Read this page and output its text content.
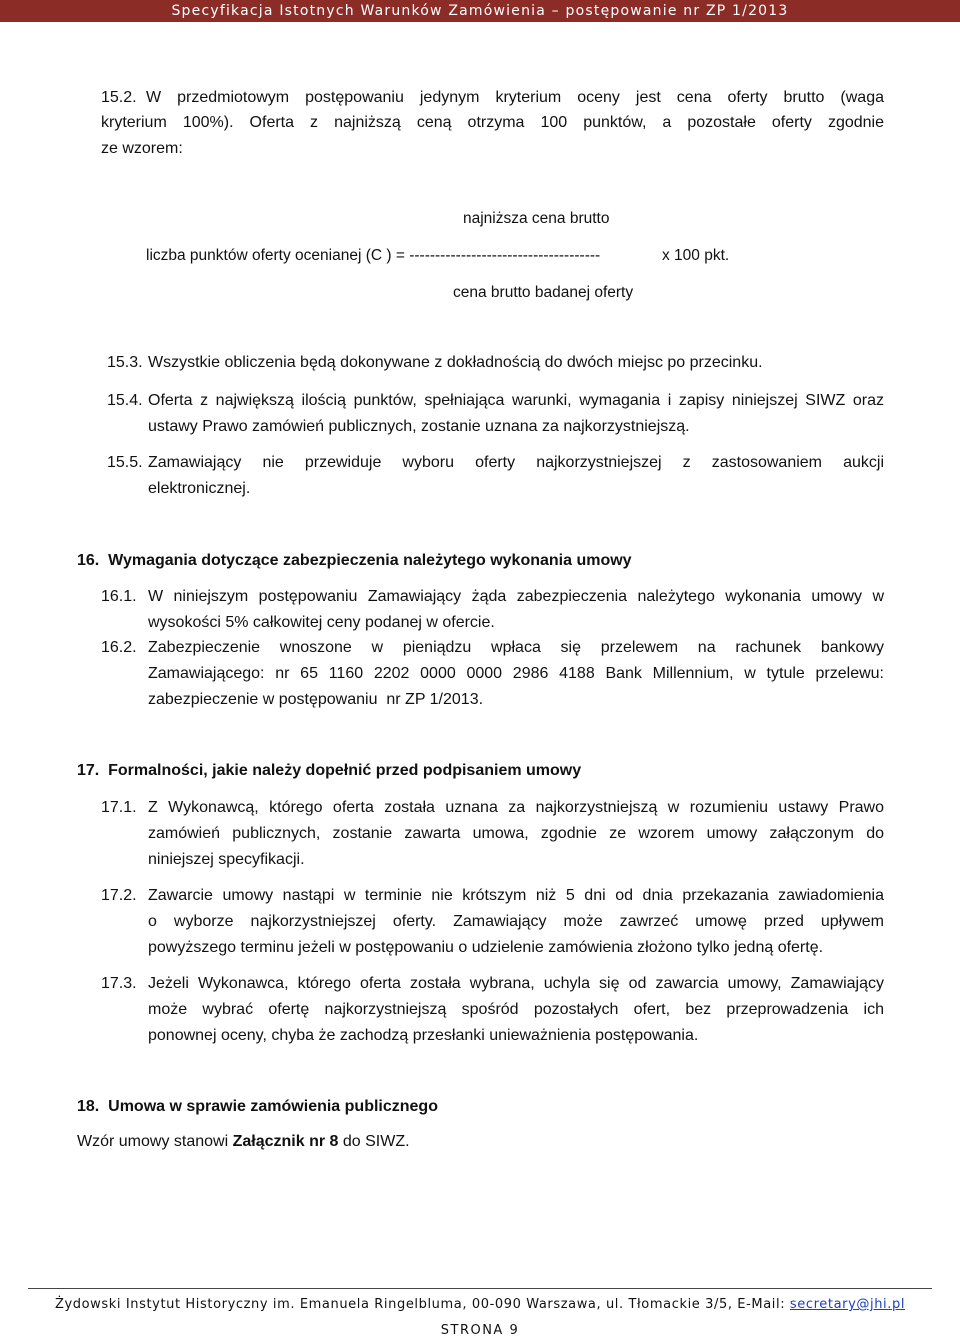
Specyfikacja Istotnych Warunków Zamówienia – postępowanie nr ZP 1/2013
15.2. W przedmiotowym postępowaniu jedynym kryterium oceny jest cena oferty brutto (waga
kryterium 100%). Oferta z najniższą ceną otrzyma 100 punktów, a pozostałe oferty zgodnie
ze wzorem:
najniższa cena brutto
liczba punktów oferty ocenianej (C ) = -------------------------------------	x 100 pkt.
cena brutto badanej oferty
15.3. Wszystkie obliczenia będą dokonywane z dokładnością do dwóch miejsc po przecinku.
15.4. Oferta z największą ilością punktów, spełniająca warunki, wymagania i zapisy niniejszej SIWZ oraz
ustawy Prawo zamówień publicznych, zostanie uznana za najkorzystniejszą.
15.5. Zamawiający nie przewiduje wyboru oferty najkorzystniejszej z zastosowaniem aukcji
elektronicznej.
16.  Wymagania dotyczące zabezpieczenia należytego wykonania umowy
16.1. W niniejszym postępowaniu Zamawiający żąda zabezpieczenia należytego wykonania umowy w
wysokości 5% całkowitej ceny podanej w ofercie.
16.2. Zabezpieczenie wnoszone w pieniądzu wpłaca się przelewem na rachunek bankowy
Zamawiającego: nr 65 1160 2202 0000 0000 2986 4188 Bank Millennium, w tytule przelewu:
zabezpieczenie w postępowaniu  nr ZP 1/2013.
17.  Formalności, jakie należy dopełnić przed podpisaniem umowy
17.1. Z Wykonawcą, którego oferta została uznana za najkorzystniejszą w rozumieniu ustawy Prawo
zamówień publicznych, zostanie zawarta umowa, zgodnie ze wzorem umowy załączonym do
niniejszej specyfikacji.
17.2. Zawarcie umowy nastąpi w terminie nie krótszym niż 5 dni od dnia przekazania zawiadomienia
o wyborze najkorzystniejszej oferty. Zamawiający może zawrzeć umowę przed upływem
powyższego terminu jeżeli w postępowaniu o udzielenie zamówienia złożono tylko jedną ofertę.
17.3. Jeżeli Wykonawca, którego oferta została wybrana, uchyla się od zawarcia umowy, Zamawiający
może wybrać ofertę najkorzystniejszą spośród pozostałych ofert, bez przeprowadzenia ich
ponownej oceny, chyba że zachodzą przesłanki unieważnienia postępowania.
18.  Umowa w sprawie zamówienia publicznego
Wzór umowy stanowi Załącznik nr 8 do SIWZ.
Żydowski Instytut Historyczny im. Emanuela Ringelbluma, 00-090 Warszawa, ul. Tłomackie 3/5, E-Mail: secretary@jhi.pl
STRONA 9
